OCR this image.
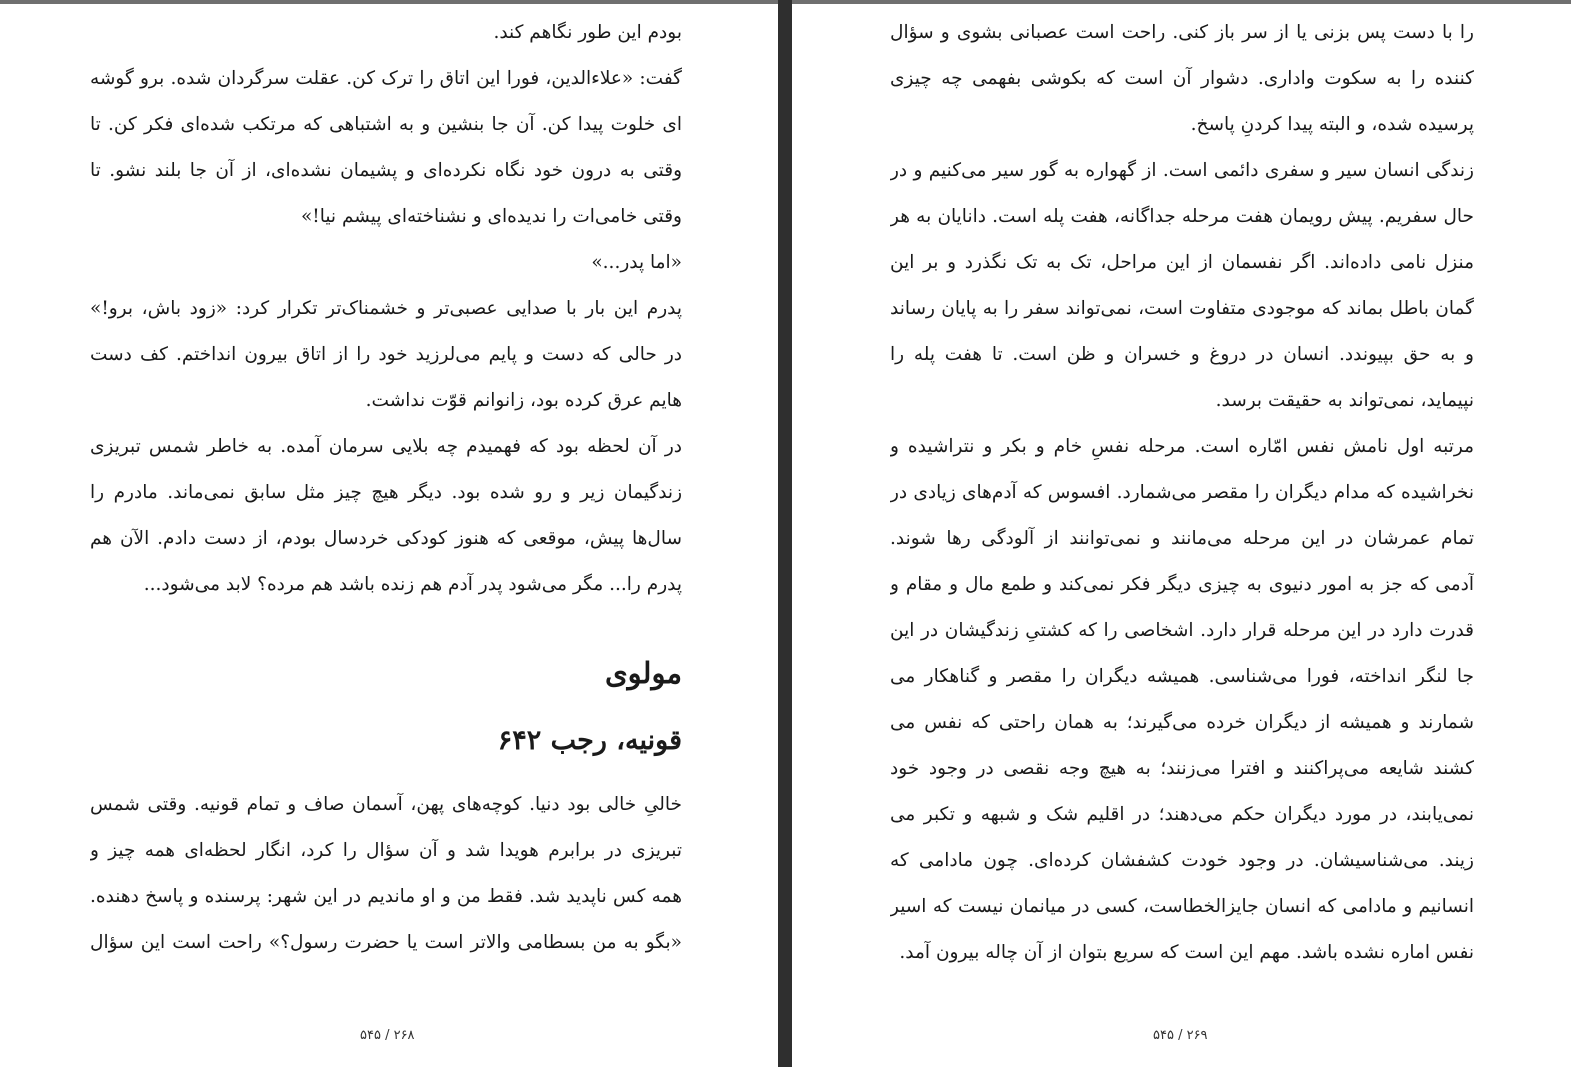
بودم این طور نگاهم کند.
گفت: «علاءالدین، فورا این اتاق را ترک کن. عقلت سرگردان شده. برو گوشه
ای خلوت پیدا کن. آن جا بنشین و به اشتباهی که مرتکب شده‌ای فکر کن. تا
وقتی به درون خود نگاه نکرده‌ای و پشیمان نشده‌ای، از آن جا بلند نشو. تا
وقتی خامی‌ات را ندیده‌ای و نشناخته‌ای پیشم نیا!»
«اما پدر...»
پدرم این بار با صدایی عصبی‌تر و خشمناک‌تر تکرار کرد: «زود باش، برو!»
در حالی که دست و پایم می‌لرزید خود را از اتاق بیرون انداختم. کف دست
هایم عرق کرده بود، زانوانم قوّت نداشت.
در آن لحظه بود که فهمیدم چه بلایی سرمان آمده. به خاطر شمس تبریزی
زندگیمان زیر و رو شده بود. دیگر هیچ چیز مثل سابق نمی‌ماند. مادرم را
سال‌ها پیش، موقعی که هنوز کودکی خردسال بودم، از دست دادم. الآن هم
پدرم را... مگر می‌شود پدر آدم هم زنده باشد هم مرده؟ لابد می‌شود...
مولوی
قونیه، رجب ۶۴۲
خالیِ خالی بود دنیا. کوچه‌های پهن، آسمان صاف و تمام قونیه. وقتی شمس
تبریزی در برابرم هویدا شد و آن سؤال را کرد، انگار لحظه‌ای همه چیز و
همه کس ناپدید شد. فقط من و او ماندیم در این شهر: پرسنده و پاسخ دهنده.
«بگو به من بسطامی والاتر است یا حضرت رسول؟» راحت است این سؤال
۵۴۵ / ۲۶۸
را با دست پس بزنی یا از سر باز کنی. راحت است عصبانی بشوی و سؤال
کننده را به سکوت واداری. دشوار آن است که بکوشی بفهمی چه چیزی
پرسیده شده، و البته پیدا کردنِ پاسخ.
زندگی انسان سیر و سفری دائمی است. از گهواره به گور سیر می‌کنیم و در
حال سفریم. پیش رویمان هفت مرحله جداگانه، هفت پله است. دانایان به هر
منزل نامی داده‌اند. اگر نفسمان از این مراحل، تک به تک نگذرد و بر این
گمان باطل بماند که موجودی متفاوت است، نمی‌تواند سفر را به پایان رساند
و به حق بپیوندد. انسان در دروغ و خسران و ظن است. تا هفت پله را
نپیماید، نمی‌تواند به حقیقت برسد.
مرتبه اول نامش نفس امّاره است. مرحله نفسِ خام و بکر و نتراشیده و
نخراشیده که مدام دیگران را مقصر می‌شمارد. افسوس که آدم‌های زیادی در
تمام عمرشان در این مرحله می‌مانند و نمی‌توانند از آلودگی رها شوند.
آدمی که جز به امور دنیوی به چیزی دیگر فکر نمی‌کند و طمع مال و مقام و
قدرت دارد در این مرحله قرار دارد. اشخاصی را که کشتیِ زندگیشان در این
جا لنگر انداخته، فورا می‌شناسی. همیشه دیگران را مقصر و گناهکار می
شمارند و همیشه از دیگران خرده می‌گیرند؛ به همان راحتی که نفس می
کشند شایعه می‌پراکنند و افترا می‌زنند؛ به هیچ وجه نقصی در وجود خود
نمی‌یابند، در مورد دیگران حکم می‌دهند؛ در اقلیم شک و شبهه و تکبر می
زیند. می‌شناسیشان. در وجود خودت کشفشان کرده‌ای. چون مادامی که
انسانیم و مادامی که انسان جایزالخطاست، کسی در میانمان نیست که اسیر
نفس اماره نشده باشد. مهم این است که سریع بتوان از آن چاله بیرون آمد.
۵۴۵ / ۲۶۹
